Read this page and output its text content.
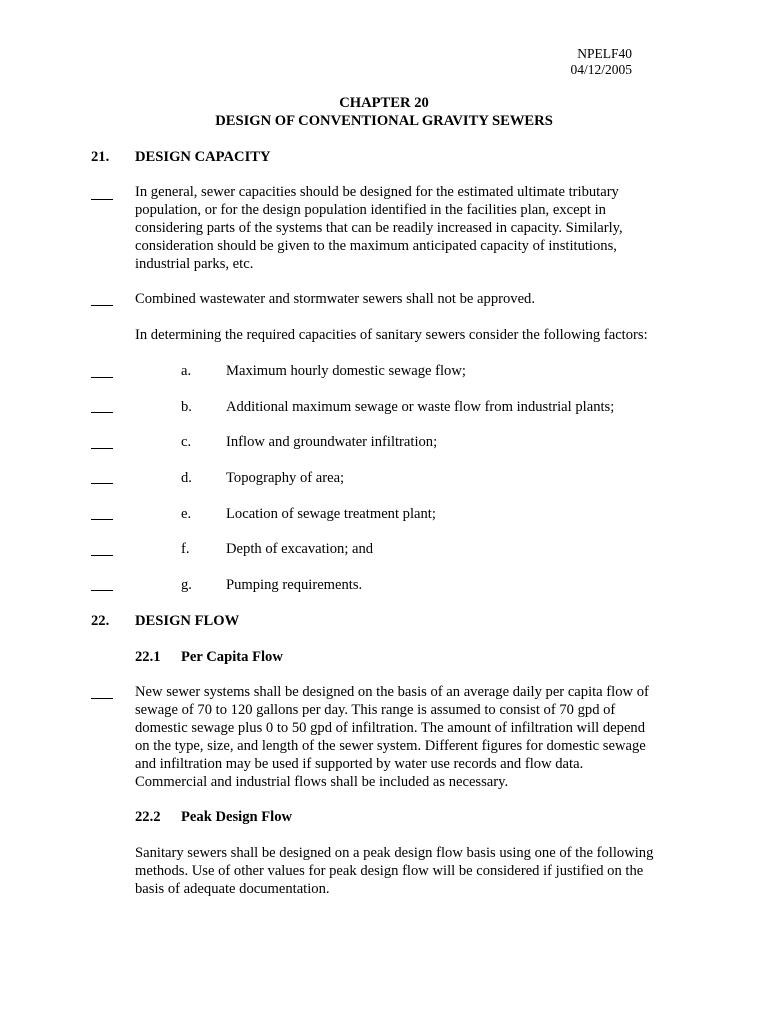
NPELF40
04/12/2005
CHAPTER 20
DESIGN OF CONVENTIONAL GRAVITY SEWERS
21. DESIGN CAPACITY
In general, sewer capacities should be designed for the estimated ultimate tributary
population, or for the design population identified in the facilities plan, except in
considering parts of the systems that can be readily increased in capacity. Similarly,
consideration should be given to the maximum anticipated capacity of institutions,
industrial parks, etc.
Combined wastewater and stormwater sewers shall not be approved.
In determining the required capacities of sanitary sewers consider the following factors:
a. Maximum hourly domestic sewage flow;
b. Additional maximum sewage or waste flow from industrial plants;
c. Inflow and groundwater infiltration;
d. Topography of area;
e. Location of sewage treatment plant;
f. Depth of excavation; and
g. Pumping requirements.
22. DESIGN FLOW
22.1 Per Capita Flow
New sewer systems shall be designed on the basis of an average daily per capita flow of
sewage of 70 to 120 gallons per day. This range is assumed to consist of 70 gpd of
domestic sewage plus 0 to 50 gpd of infiltration. The amount of infiltration will depend
on the type, size, and length of the sewer system. Different figures for domestic sewage
and infiltration may be used if supported by water use records and flow data.
Commercial and industrial flows shall be included as necessary.
22.2 Peak Design Flow
Sanitary sewers shall be designed on a peak design flow basis using one of the following
methods. Use of other values for peak design flow will be considered if justified on the
basis of adequate documentation.
